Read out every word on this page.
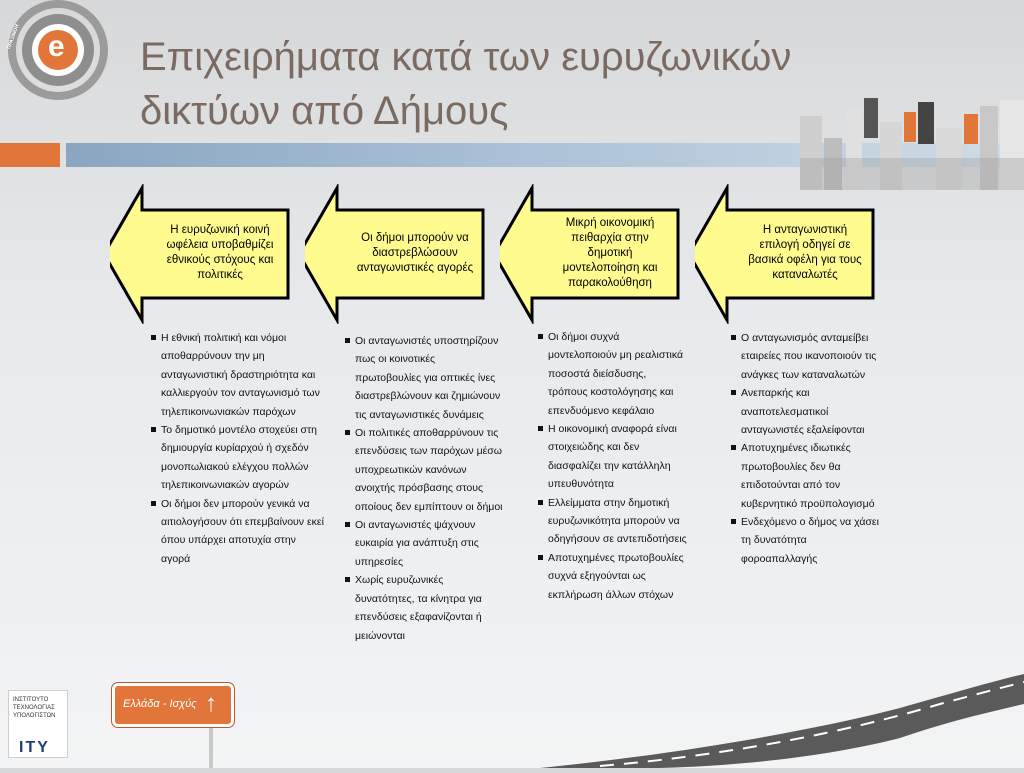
e
ΠΡΑΞΙΝΟΗ	Επιχειρήματα κατά των ευρυζωνικών
δικτύων από Δήμους
Η ευρυζωνική κοινή ωφέλεια υποβαθμίζει εθνικούς στόχους και πολιτικές
Οι δήμοι μπορούν να διαστρεβλώσουν ανταγωνιστικές αγορές
Μικρή οικονομική πειθαρχία στην δημοτική μοντελοποίηση και παρακολούθηση
Η ανταγωνιστική επιλογή οδηγεί σε βασικά οφέλη για τους καταναλωτές
Η εθνική πολιτική και νόμοι αποθαρρύνουν την μη ανταγωνιστική δραστηριότητα και καλλιεργούν τον ανταγωνισμό των τηλεπικοινωνιακών παρόχων
Το δημοτικό μοντέλο στοχεύει στη δημιουργία κυρίαρχού ή σχεδόν μονοπωλιακού ελέγχου πολλών τηλεπικοινωνιακών αγορών
Οι δήμοι δεν μπορούν γενικά να αιτιολογήσουν ότι επεμβαίνουν εκεί όπου υπάρχει αποτυχία στην αγορά
Οι ανταγωνιστές υποστηρίζουν πως οι κοινοτικές πρωτοβουλίες για οπτικές ίνες διαστρεβλώνουν και ζημιώνουν τις ανταγωνιστικές δυνάμεις
Οι πολιτικές αποθαρρύνουν τις επενδύσεις των παρόχων μέσω υποχρεωτικών κανόνων ανοιχτής πρόσβασης στους οποίους δεν εμπίπτουν οι δήμοι
Οι ανταγωνιστές ψάχνουν ευκαιρία για ανάπτυξη στις υπηρεσίες
Χωρίς ευρυζωνικές δυνατότητες, τα κίνητρα για επενδύσεις εξαφανίζονται ή μειώνονται
Οι δήμοι συχνά μοντελοποιούν μη ρεαλιστικά ποσοστά διείσδυσης, τρόπους κοστολόγησης και επενδυόμενο κεφάλαιο
Η οικονομική αναφορά είναι στοιχειώδης και δεν διασφαλίζει την κατάλληλη υπευθυνότητα
Ελλείμματα στην δημοτική ευρυζωνικότητα μπορούν να οδηγήσουν σε αντεπιδοτήσεις
Αποτυχημένες πρωτοβουλίες συχνά εξηγούνται ως εκπλήρωση άλλων στόχων
Ο ανταγωνισμός ανταμείβει εταιρείες που ικανοποιούν τις ανάγκες των καταναλωτών
Ανεπαρκής και αναποτελεσματικοί ανταγωνιστές εξαλείφονται
Αποτυχημένες ιδιωτικές πρωτοβουλίες δεν θα επιδοτούνται από τον κυβερνητικό προϋπολογισμό
Ενδεχόμενο ο δήμος να χάσει τη δυνατότητα φοροαπαλλαγής
Ελλάδα - Ισχύς ↑
ΙΝΣΤΙΤΟΥΤΟ
ΤΕΧΝΟΛΟΓΙΑΣ
ΥΠΟΛΟΓΙΣΤΩΝ
ITY
